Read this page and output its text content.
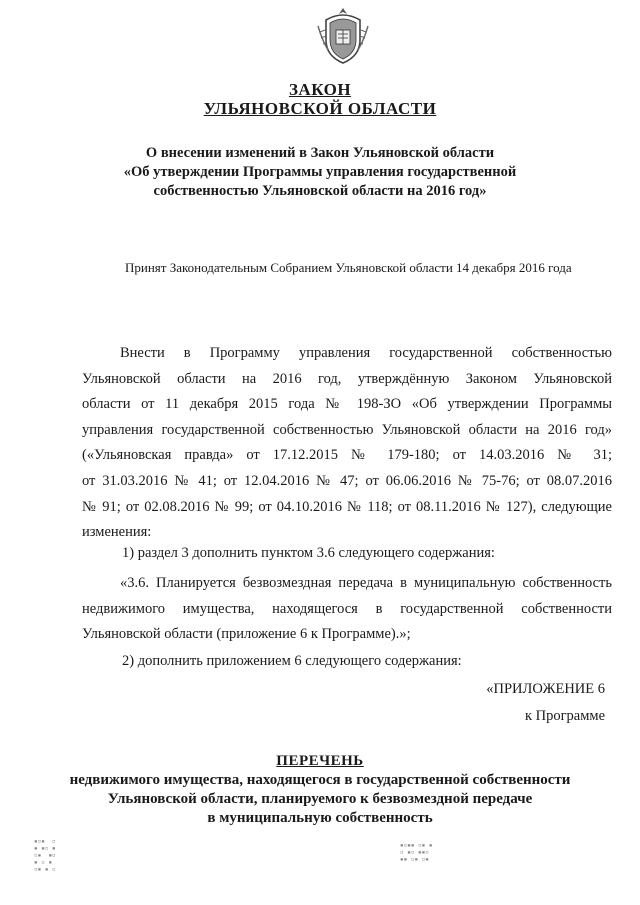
ЗАКОН
УЛЬЯНОВСКОЙ ОБЛАСТИ
О внесении изменений в Закон Ульяновской области
«Об утверждении Программы управления государственной
собственностью Ульяновской области на 2016 год»
Принят Законодательным Собранием Ульяновской области 14 декабря 2016 года
Внести в Программу управления государственной собственностью
Ульяновской области на 2016 год, утверждённую Законом Ульяновской
области от 11 декабря 2015 года № 198-ЗО «Об утверждении Программы
управления государственной собственностью Ульяновской области на 2016 год»
(«Ульяновская правда» от 17.12.2015 № 179-180; от 14.03.2016 № 31;
от 31.03.2016 № 41; от 12.04.2016 № 47; от 06.06.2016 № 75-76; от 08.07.2016
№ 91; от 02.08.2016 № 99; от 04.10.2016 № 118; от 08.11.2016 № 127), следующие
изменения:
1) раздел 3 дополнить пунктом 3.6 следующего содержания:
«3.6. Планируется безвозмездная передача в муниципальную собственность
недвижимого имущества, находящегося в государственной собственности
Ульяновской области (приложение 6 к Программе).»;
2) дополнить приложением 6 следующего содержания:
«ПРИЛОЖЕНИЕ 6
к Программе
ПЕРЕЧЕНЬ
недвижимого имущества, находящегося в государственной собственности
Ульяновской области, планируемого к безвозмездной передаче
в муниципальную собственность
▪▫▪  ▫
▪ ▪▫ ▪
▫▪  ▪▫
▪ ▫ ▪
▫▪ ▪ ▫
▪▫▪▪ ▫▪ ▪
▫ ▪▫ ▪▪▫
▪▪ ▫▪ ▫▪
